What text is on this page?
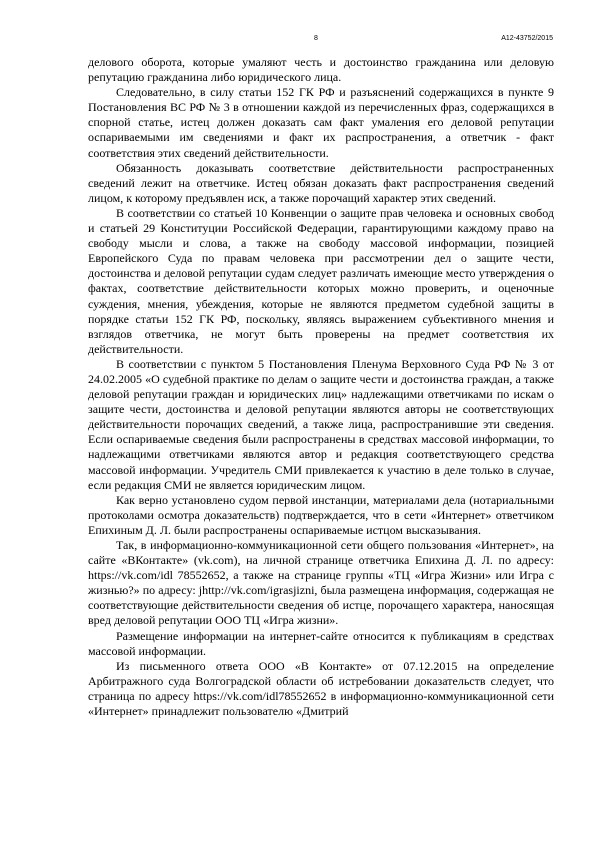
8	А12-43752/2015

делового оборота, которые умаляют честь и достоинство гражданина или деловую репутацию гражданина либо юридического лица.

Следовательно, в силу статьи 152 ГК РФ и разъяснений содержащихся в пункте 9 Постановления ВС РФ № 3 в отношении каждой из перечисленных фраз, содержащихся в спорной статье, истец должен доказать сам факт умаления его деловой репутации оспариваемыми им сведениями и факт их распространения, а ответчик - факт соответствия этих сведений действительности.

Обязанность доказывать соответствие действительности распространенных сведений лежит на ответчике. Истец обязан доказать факт распространения сведений лицом, к которому предъявлен иск, а также порочащий характер этих сведений.

В соответствии со статьей 10 Конвенции о защите прав человека и основных свобод и статьей 29 Конституции Российской Федерации, гарантирующими каждому право на свободу мысли и слова, а также на свободу массовой информации, позицией Европейского Суда по правам человека при рассмотрении дел о защите чести, достоинства и деловой репутации судам следует различать имеющие место утверждения о фактах, соответствие действительности которых можно проверить, и оценочные суждения, мнения, убеждения, которые не являются предметом судебной защиты в порядке статьи 152 ГК РФ, поскольку, являясь выражением субъективного мнения и взглядов ответчика, не могут быть проверены на предмет соответствия их действительности.

В соответствии с пунктом 5 Постановления Пленума Верховного Суда РФ № 3 от 24.02.2005 «О судебной практике по делам о защите чести и достоинства граждан, а также деловой репутации граждан и юридических лиц» надлежащими ответчиками по искам о защите чести, достоинства и деловой репутации являются авторы не соответствующих действительности порочащих сведений, а также лица, распространившие эти сведения. Если оспариваемые сведения были распространены в средствах массовой информации, то надлежащими ответчиками являются автор и редакция соответствующего средства массовой информации. Учредитель СМИ привлекается к участию в деле только в случае, если редакция СМИ не является юридическим лицом.

Как верно установлено судом первой инстанции, материалами дела (нотариальными протоколами осмотра доказательств) подтверждается, что в сети «Интернет» ответчиком Епихиным Д. Л. были распространены оспариваемые истцом высказывания.

Так, в информационно-коммуникационной сети общего пользования «Интернет», на сайте «ВКонтакте» (vk.com), на личной странице ответчика Епихина Д. Л. по адресу: https://vk.com/idl 78552652, а также на странице группы «ТЦ «Игра Жизни» или Игра с жизнью?» по адресу: jhttp://vk.com/igrasjizni, была размещена информация, содержащая не соответствующие действительности сведения об истце, порочащего характера, наносящая вред деловой репутации ООО ТЦ «Игра жизни».

Размещение информации на интернет-сайте относится к публикациям в средствах массовой информации.

Из письменного ответа ООО «В Контакте» от 07.12.2015 на определение Арбитражного суда Волгоградской области об истребовании доказательств следует, что страница по адресу https://vk.com/idl78552652 в информационно-коммуникационной сети «Интернет» принадлежит пользователю «Дмитрий
